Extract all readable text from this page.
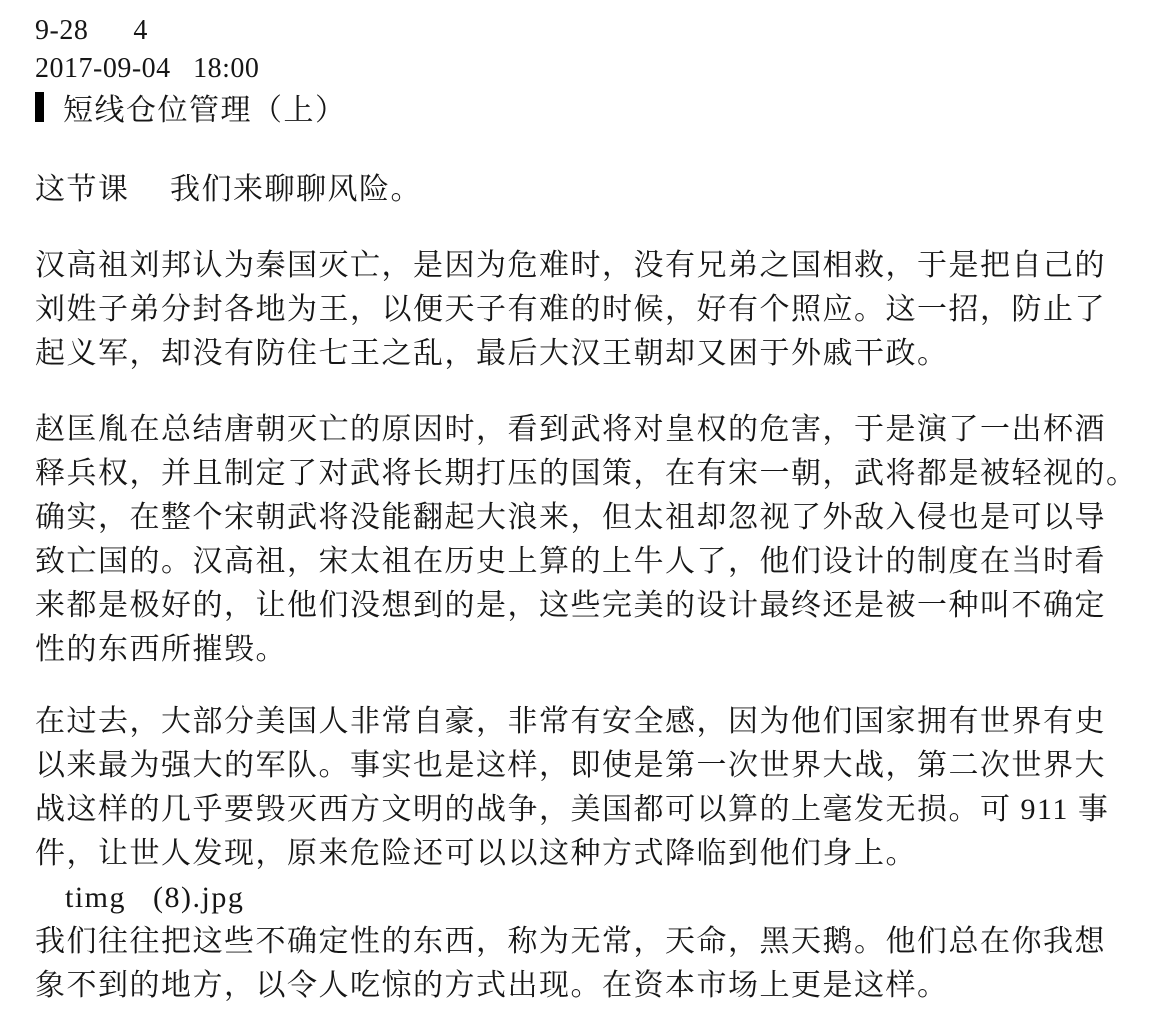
9-28      4
2017-09-04   18:00
短线仓位管理（上）
这节课　 我们来聊聊风险。
汉高祖刘邦认为秦国灭亡，是因为危难时，没有兄弟之国相救，于是把自己的
刘姓子弟分封各地为王，以便天子有难的时候，好有个照应。这一招，防止了
起义军，却没有防住七王之乱，最后大汉王朝却又困于外戚干政。
赵匡胤在总结唐朝灭亡的原因时，看到武将对皇权的危害，于是演了一出杯酒
释兵权，并且制定了对武将长期打压的国策，在有宋一朝，武将都是被轻视的。
确实，在整个宋朝武将没能翻起大浪来，但太祖却忽视了外敌入侵也是可以导
致亡国的。汉高祖，宋太祖在历史上算的上牛人了，他们设计的制度在当时看
来都是极好的，让他们没想到的是，这些完美的设计最终还是被一种叫不确定
性的东西所摧毁。
在过去，大部分美国人非常自豪，非常有安全感，因为他们国家拥有世界有史
以来最为强大的军队。事实也是这样，即使是第一次世界大战，第二次世界大
战这样的几乎要毁灭西方文明的战争，美国都可以算的上毫发无损。可 911 事
件，让世人发现，原来危险还可以以这种方式降临到他们身上。
timg   (8).jpg
我们往往把这些不确定性的东西，称为无常，天命，黑天鹅。他们总在你我想
象不到的地方，以令人吃惊的方式出现。在资本市场上更是这样。
